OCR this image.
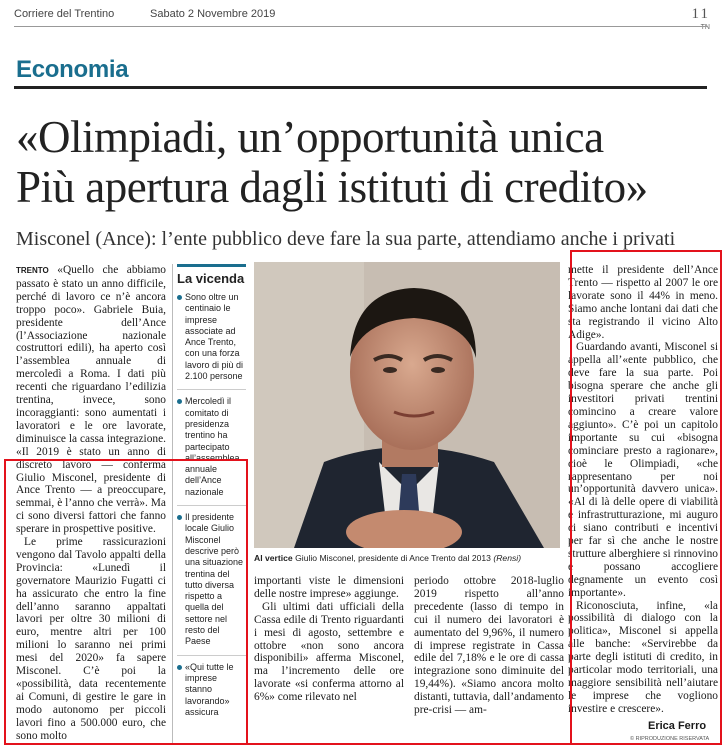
Corriere del Trentino	Sabato 2 Novembre 2019	11
TN
Economia
«Olimpiadi, un’opportunità unica
Più apertura dagli istituti di credito»
Misconel (Ance): l’ente pubblico deve fare la sua parte, attendiamo anche i privati

TRENTO «Quello che abbiamo passato è stato un anno difficile, perché di lavoro ce n’è ancora troppo poco». Gabriele Buia, presidente dell’Ance (l’Associazione nazionale costruttori edili), ha aperto così l’assemblea annuale di mercoledì a Roma. I dati più recenti che riguardano l’edilizia trentina, invece, sono incoraggianti: sono aumentati i lavoratori e le ore lavorate, diminuisce la cassa integrazione. «Il 2019 è stato un anno di discreto lavoro — conferma Giulio Misconel, presidente di Ance Trento — a preoccupare, semmai, è l’anno che verrà». Ma ci sono diversi fattori che fanno sperare in prospettive positive.

Le prime rassicurazioni vengono dal Tavolo appalti della Provincia: «Lunedì il governatore Maurizio Fugatti ci ha assicurato che entro la fine dell’anno saranno appaltati lavori per oltre 30 milioni di euro, mentre altri per 100 milioni lo saranno nei primi mesi del 2020» fa sapere Misconel. C’è poi la «possibilità, data recentemente ai Comuni, di gestire le gare in modo autonomo per piccoli lavori fino a 500.000 euro, che sono molto

La vicenda
Sono oltre un centinaio le imprese associate ad Ance Trento, con una forza lavoro di più di 2.100 persone
Mercoledì il comitato di presidenza trentino ha partecipato all’assemblea annuale dell’Ance nazionale
Il presidente locale Giulio Misconel descrive però una situazione trentina del tutto diversa rispetto a quella del settore nel resto del Paese
«Qui tutte le imprese stanno lavorando» assicura
Al vertice Giulio Misconel, presidente di Ance Trento dal 2013 (Rensi)

importanti viste le dimensioni delle nostre imprese» aggiunge.

Gli ultimi dati ufficiali della Cassa edile di Trento riguardanti i mesi di agosto, settembre e ottobre «non sono ancora disponibili» afferma Misconel, ma l’incremento delle ore lavorate «si conferma attorno al 6%» come rilevato nel

periodo ottobre 2018-luglio 2019 rispetto all’anno precedente (lasso di tempo in cui il numero dei lavoratori è aumentato del 9,96%, il numero di imprese registrate in Cassa edile del 7,18% e le ore di cassa integrazione sono diminuite del 19,44%). «Siamo ancora molto distanti, tuttavia, dall’andamento pre-crisi — am-

mette il presidente dell’Ance Trento — rispetto al 2007 le ore lavorate sono il 44% in meno. Siamo anche lontani dai dati che sta registrando il vicino Alto Adige».

Guardando avanti, Misconel si appella all’«ente pubblico, che deve fare la sua parte. Poi bisogna sperare che anche gli investitori privati trentini comincino a creare valore aggiunto». C’è poi un capitolo importante su cui «bisogna cominciare presto a ragionare», cioè le Olimpiadi, «che rappresentano per noi un’opportunità davvero unica». «Al di là delle opere di viabilità e infrastrutturazione, mi auguro ci siano contributi e incentivi per far sì che anche le nostre strutture alberghiere si rinnovino e possano accogliere degnamente un evento così importante».

Riconosciuta, infine, «la possibilità di dialogo con la politica», Misconel si appella alle banche: «Servirebbe da parte degli istituti di credito, in particolar modo territoriali, una maggiore sensibilità nell’aiutare le imprese che vogliono investire e crescere».

Erica Ferro
© RIPRODUZIONE RISERVATA
